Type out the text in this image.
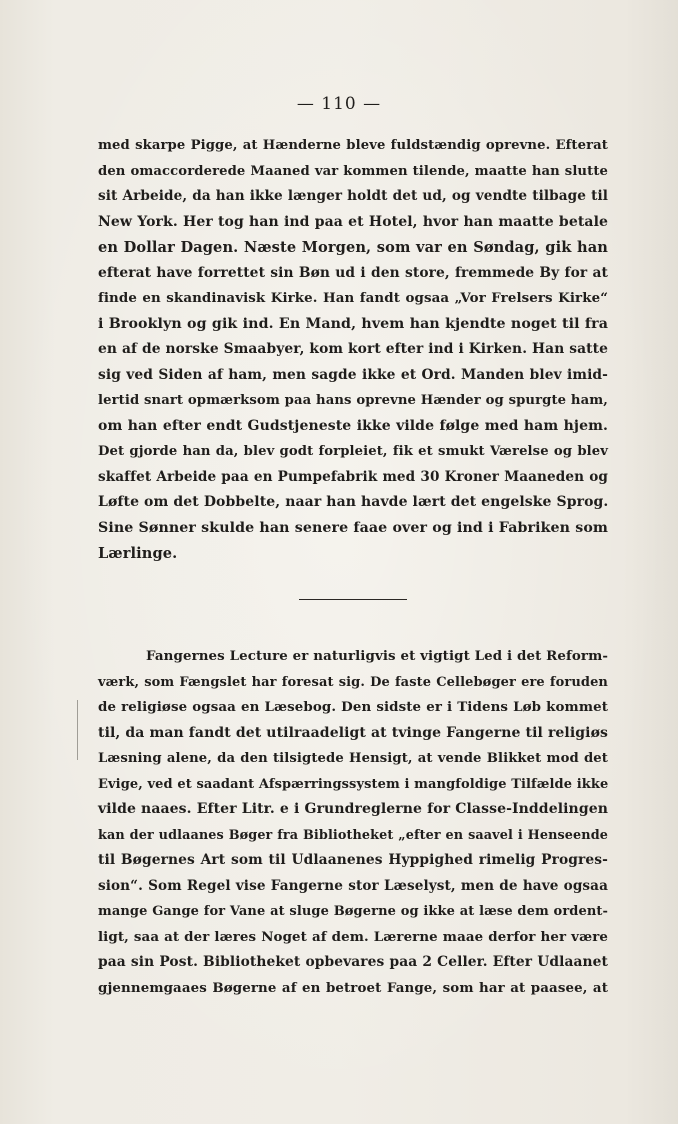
— 110 —
med skarpe Pigge, at Hænderne bleve fuldstændig oprevne. Efterat
den omaccorderede Maaned var kommen tilende, maatte han slutte
sit Arbeide, da han ikke længer holdt det ud, og vendte tilbage til
New York. Her tog han ind paa et Hotel, hvor han maatte betale
en Dollar Dagen. Næste Morgen, som var en Søndag, gik han
efterat have forrettet sin Bøn ud i den store, fremmede By for at
finde en skandinavisk Kirke. Han fandt ogsaa „Vor Frelsers Kirke“
i Brooklyn og gik ind. En Mand, hvem han kjendte noget til fra
en af de norske Smaabyer, kom kort efter ind i Kirken. Han satte
sig ved Siden af ham, men sagde ikke et Ord. Manden blev imid-
lertid snart opmærksom paa hans oprevne Hænder og spurgte ham,
om han efter endt Gudstjeneste ikke vilde følge med ham hjem.
Det gjorde han da, blev godt forpleiet, fik et smukt Værelse og blev
skaffet Arbeide paa en Pumpefabrik med 30 Kroner Maaneden og
Løfte om det Dobbelte, naar han havde lært det engelske Sprog.
Sine Sønner skulde han senere faae over og ind i Fabriken som
Lærlinge.
Fangernes Lecture er naturligvis et vigtigt Led i det Reform-
værk, som Fængslet har foresat sig. De faste Cellebøger ere foruden
de religiøse ogsaa en Læsebog. Den sidste er i Tidens Løb kommet
til, da man fandt det utilraadeligt at tvinge Fangerne til religiøs
Læsning alene, da den tilsigtede Hensigt, at vende Blikket mod det
Evige, ved et saadant Afspærringssystem i mangfoldige Tilfælde ikke
vilde naaes. Efter Litr. e i Grundreglerne for Classe-Inddelingen
kan der udlaanes Bøger fra Bibliotheket „efter en saavel i Henseende
til Bøgernes Art som til Udlaanenes Hyppighed rimelig Progres-
sion“. Som Regel vise Fangerne stor Læselyst, men de have ogsaa
mange Gange for Vane at sluge Bøgerne og ikke at læse dem ordent-
ligt, saa at der læres Noget af dem. Lærerne maae derfor her være
paa sin Post. Bibliotheket opbevares paa 2 Celler. Efter Udlaanet
gjennemgaaes Bøgerne af en betroet Fange, som har at paasee, at
